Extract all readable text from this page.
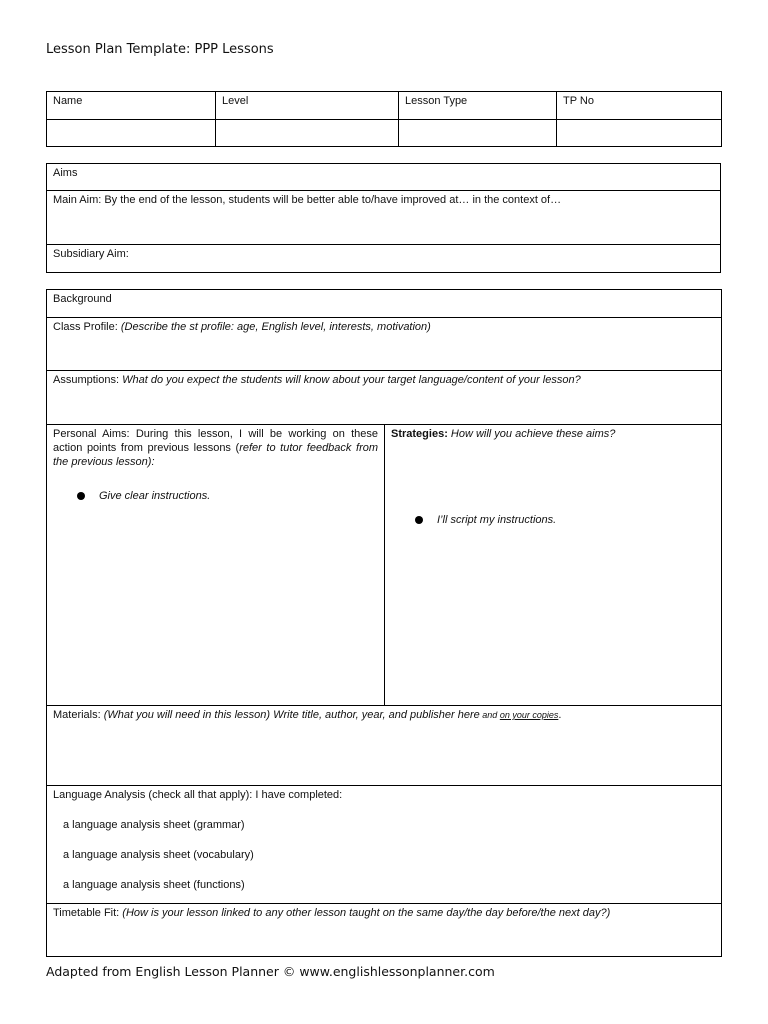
Lesson Plan Template: PPP Lessons
Name	Level	Lesson Type	TP No

Aims
Main Aim: By the end of the lesson, students will be better able to/have improved at… in the context of…
Subsidiary Aim:
Background
Class Profile: (Describe the st profile: age, English level, interests, motivation)
Assumptions: What do you expect the students will know about your target language/content of your lesson?

Personal Aims: During this lesson, I will be working on these action points from previous lessons (refer to tutor feedback from the previous lesson):
Give clear instructions.

Strategies: How will you achieve these aims?
I’ll script my instructions.

Materials: (What you will need in this lesson) Write title, author, year, and publisher here and on your copies.

Language Analysis (check all that apply): I have completed:
a language analysis sheet (grammar)
a language analysis sheet (vocabulary)
a language analysis sheet (functions)

Timetable Fit: (How is your lesson linked to any other lesson taught on the same day/the day before/the next day?)
Adapted from English Lesson Planner © www.englishlessonplanner.com
